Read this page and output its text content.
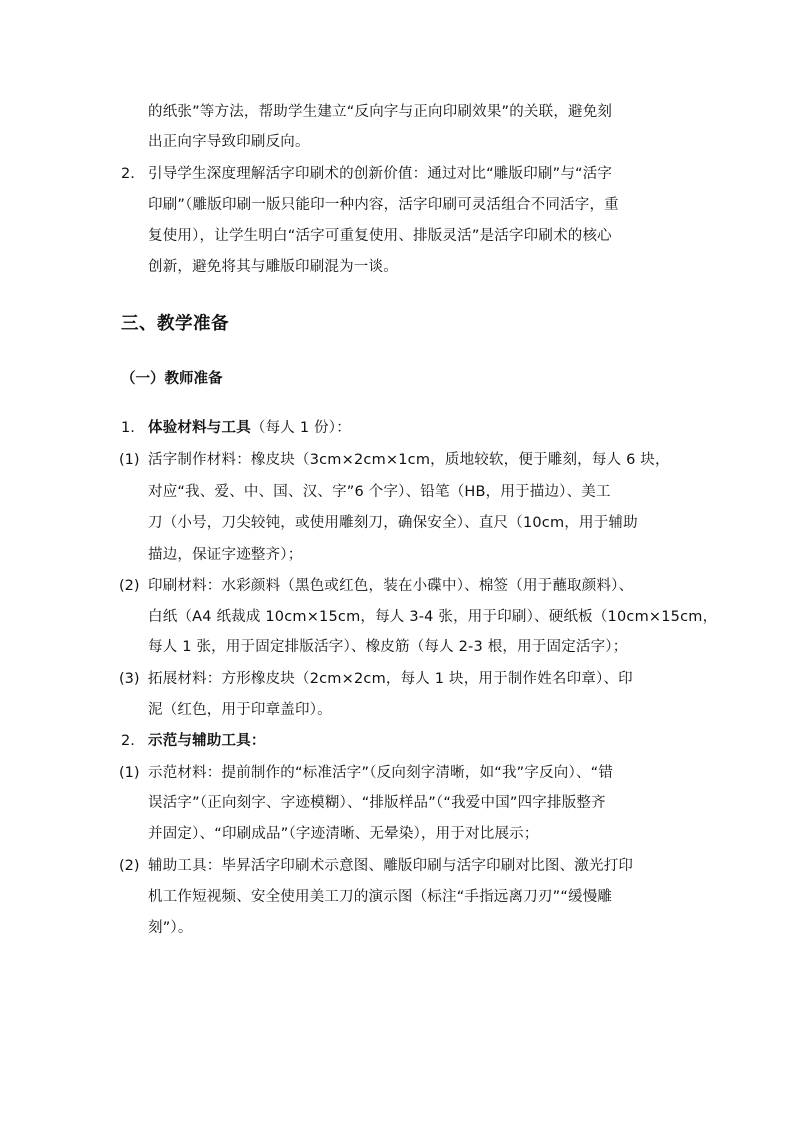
的纸张”等方法，帮助学生建立“反向字与正向印刷效果”的关联，避免刻
出正向字导致印刷反向。
2. 引导学生深度理解活字印刷术的创新价值：通过对比“雕版印刷”与“活字
印刷”（雕版印刷一版只能印一种内容，活字印刷可灵活组合不同活字，重
复使用），让学生明白“活字可重复使用、排版灵活”是活字印刷术的核心
创新，避免将其与雕版印刷混为一谈。
三、教学准备
（一）教师准备
1. 体验材料与工具（每人 1 份）：
(1) 活字制作材料：橡皮块（3cm×2cm×1cm，质地较软，便于雕刻，每人 6 块，
对应“我、爱、中、国、汉、字”6 个字）、铅笔（HB，用于描边）、美工
刀（小号，刀尖较钝，或使用雕刻刀，确保安全）、直尺（10cm，用于辅助
描边，保证字迹整齐）；
(2) 印刷材料：水彩颜料（黑色或红色，装在小碟中）、棉签（用于蘸取颜料）、
白纸（A4 纸裁成 10cm×15cm，每人 3-4 张，用于印刷）、硬纸板（10cm×15cm，
每人 1 张，用于固定排版活字）、橡皮筋（每人 2-3 根，用于固定活字）；
(3) 拓展材料：方形橡皮块（2cm×2cm，每人 1 块，用于制作姓名印章）、印
泥（红色，用于印章盖印）。
2. 示范与辅助工具：
(1) 示范材料：提前制作的“标准活字”（反向刻字清晰，如“我”字反向）、“错
误活字”（正向刻字、字迹模糊）、“排版样品”（“我爱中国”四字排版整齐
并固定）、“印刷成品”（字迹清晰、无晕染），用于对比展示；
(2) 辅助工具：毕昇活字印刷术示意图、雕版印刷与活字印刷对比图、激光打印
机工作短视频、安全使用美工刀的演示图（标注“手指远离刀刃”“缓慢雕
刻”）。
